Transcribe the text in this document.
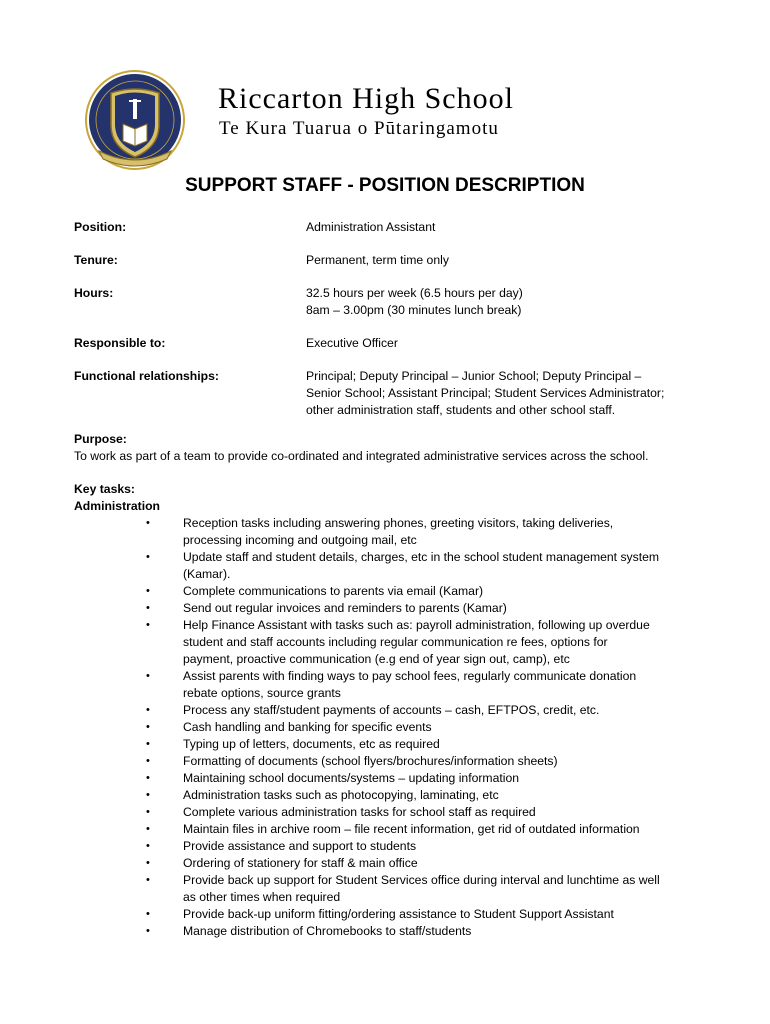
Riccarton High School
Te Kura Tuarua o Pūtaringamotu
SUPPORT STAFF - POSITION DESCRIPTION
Position:	Administration Assistant
Tenure:	Permanent, term time only
Hours:	32.5 hours per week (6.5 hours per day)
8am – 3.00pm (30 minutes lunch break)
Responsible to:	Executive Officer
Functional relationships:	Principal; Deputy Principal – Junior School; Deputy Principal –
Senior School; Assistant Principal; Student Services Administrator;
other administration staff, students and other school staff.
Purpose:
To work as part of a team to provide co-ordinated and integrated administrative services across the school.
Key tasks:
Administration
•	Reception tasks including answering phones, greeting visitors, taking deliveries,
processing incoming and outgoing mail, etc
•	Update staff and student details, charges, etc in the school student management system
(Kamar).
•	Complete communications to parents via email (Kamar)
•	Send out regular invoices and reminders to parents (Kamar)
•	Help Finance Assistant with tasks such as: payroll administration, following up overdue
student and staff accounts including regular communication re fees, options for
payment, proactive communication (e.g end of year sign out, camp), etc
•	Assist parents with finding ways to pay school fees, regularly communicate donation
rebate options, source grants
•	Process any staff/student payments of accounts – cash, EFTPOS, credit, etc.
•	Cash handling and banking for specific events
•	Typing up of letters, documents, etc as required
•	Formatting of documents (school flyers/brochures/information sheets)
•	Maintaining school documents/systems – updating information
•	Administration tasks such as photocopying, laminating, etc
•	Complete various administration tasks for school staff as required
•	Maintain files in archive room – file recent information, get rid of outdated information
•	Provide assistance and support to students
•	Ordering of stationery for staff & main office
•	Provide back up support for Student Services office during interval and lunchtime as well
as other times when required
•	Provide back-up uniform fitting/ordering assistance to Student Support Assistant
•	Manage distribution of Chromebooks to staff/students
